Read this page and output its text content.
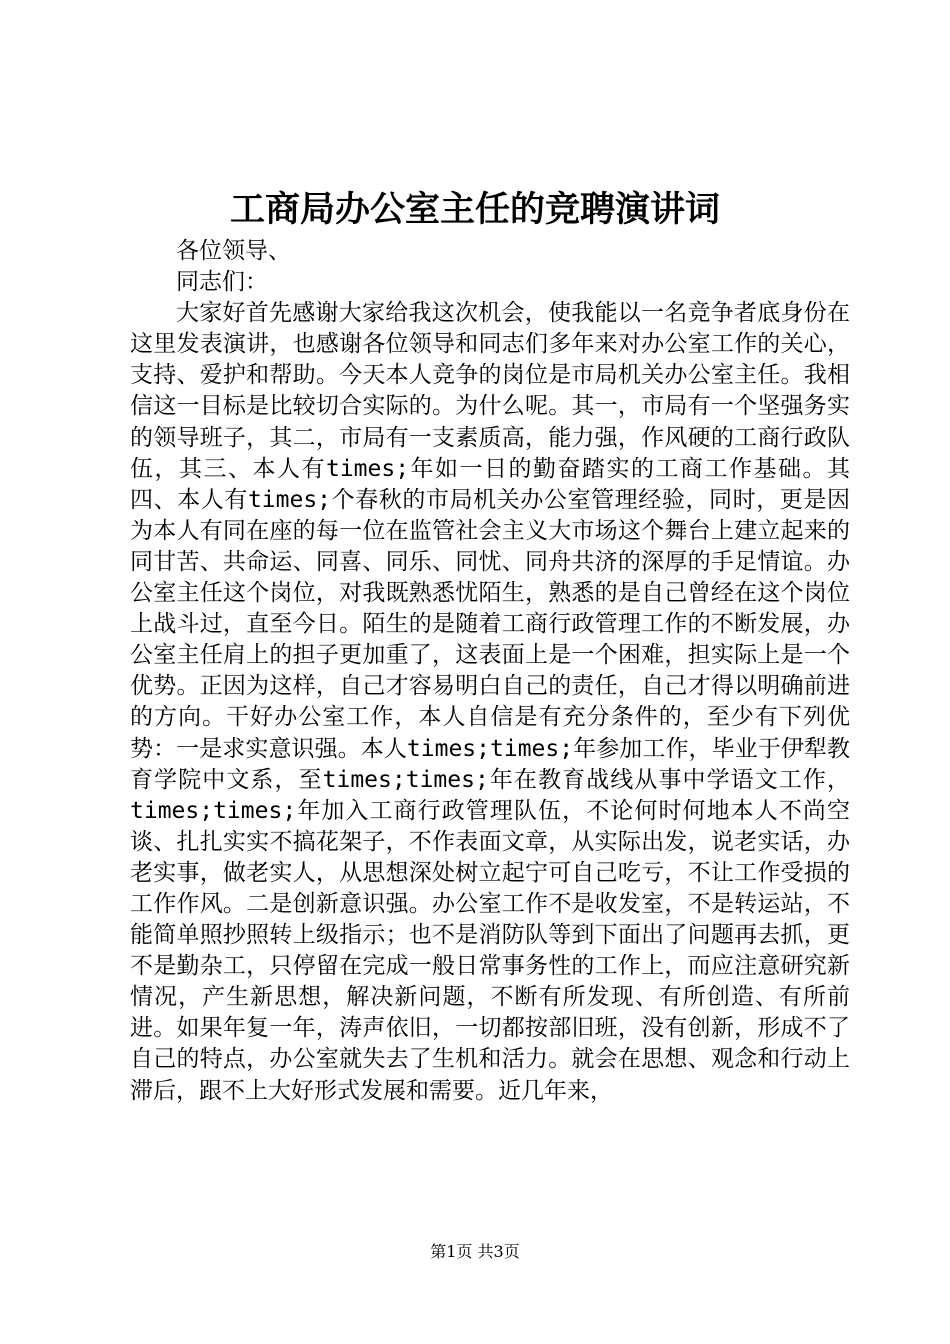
工商局办公室主任的竞聘演讲词

各位领导、

同志们：

大家好首先感谢大家给我这次机会，使我能以一名竞争者底身份在这里发表演讲，也感谢各位领导和同志们多年来对办公室工作的关心，支持、爱护和帮助。今天本人竞争的岗位是市局机关办公室主任。我相信这一目标是比较切合实际的。为什么呢。其一，市局有一个坚强务实的领导班子，其二，市局有一支素质高，能力强，作风硬的工商行政队伍，其三、本人有times;年如一日的勤奋踏实的工商工作基础。其四、本人有times;个春秋的市局机关办公室管理经验，同时，更是因为本人有同在座的每一位在监管社会主义大市场这个舞台上建立起来的同甘苦、共命运、同喜、同乐、同忧、同舟共济的深厚的手足情谊。办公室主任这个岗位，对我既熟悉忧陌生，熟悉的是自己曾经在这个岗位上战斗过，直至今日。陌生的是随着工商行政管理工作的不断发展，办公室主任肩上的担子更加重了，这表面上是一个困难，担实际上是一个优势。正因为这样，自己才容易明白自己的责任，自己才得以明确前进的方向。干好办公室工作，本人自信是有充分条件的，至少有下列优势：一是求实意识强。本人times;times;年参加工作，毕业于伊犁教育学院中文系，至times;times;年在教育战线从事中学语文工作，times;times;年加入工商行政管理队伍，不论何时何地本人不尚空谈、扎扎实实不搞花架子，不作表面文章，从实际出发，说老实话，办老实事，做老实人，从思想深处树立起宁可自己吃亏，不让工作受损的工作作风。二是创新意识强。办公室工作不是收发室，不是转运站，不能简单照抄照转上级指示；也不是消防队等到下面出了问题再去抓，更不是勤杂工，只停留在完成一般日常事务性的工作上，而应注意研究新情况，产生新思想，解决新问题，不断有所发现、有所创造、有所前进。如果年复一年，涛声依旧，一切都按部旧班，没有创新，形成不了自己的特点，办公室就失去了生机和活力。就会在思想、观念和行动上滞后，跟不上大好形式发展和需要。近几年来，

第1页 共3页
